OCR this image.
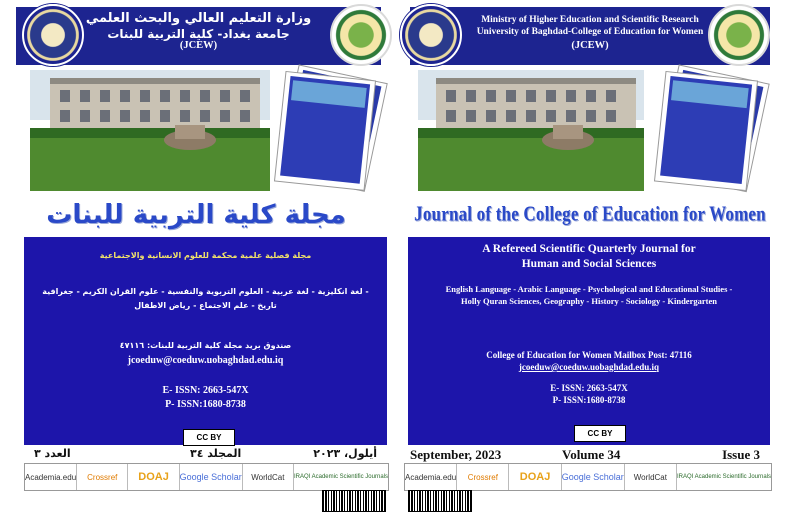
وزارة التعليم العالي والبحث العلمي
جامعة بغداد- كلية التربية للبنات
(JCEW)
مجلة كلية التربية للبنات
مجلة فصلية علمية محكمة للعلوم الانسانية والاجتماعية
لغة انكليزية - لغة عربية - العلوم التربوية والنفسية - علوم القران الكريم - جغرافية -
تاريخ - علم الاجتماع - رياض الاطفال
صندوق بريد مجلة كلية التربية للبنات: ٤٧١١٦
jcoeduw@coeduw.uobaghdad.edu.iq
E- ISSN: 2663-547X
P- ISSN:1680-8738
CC BY
أيلول، ٢٠٢٣
المجلد ٣٤
العدد ٣
Academia.edu	Crossref	DOAJ	Google Scholar	WorldCat	IRAQI Academic Scientific Journals
Ministry of Higher Education and Scientific Research
University of Baghdad-College of Education for Women
(JCEW)
Journal of the College of Education for Women
A Refereed Scientific Quarterly Journal for
Human and Social Sciences
English Language - Arabic Language - Psychological and Educational Studies -
Holly Quran Sciences, Geography - History - Sociology - Kindergarten
College of Education for Women Mailbox Post: 47116
jcoeduw@coeduw.uobaghdad.edu.iq
E- ISSN: 2663-547X
P- ISSN:1680-8738
CC BY
September, 2023	Volume 34	Issue 3
Academia.edu	Crossref	DOAJ	Google Scholar	WorldCat	IRAQI Academic Scientific Journals
